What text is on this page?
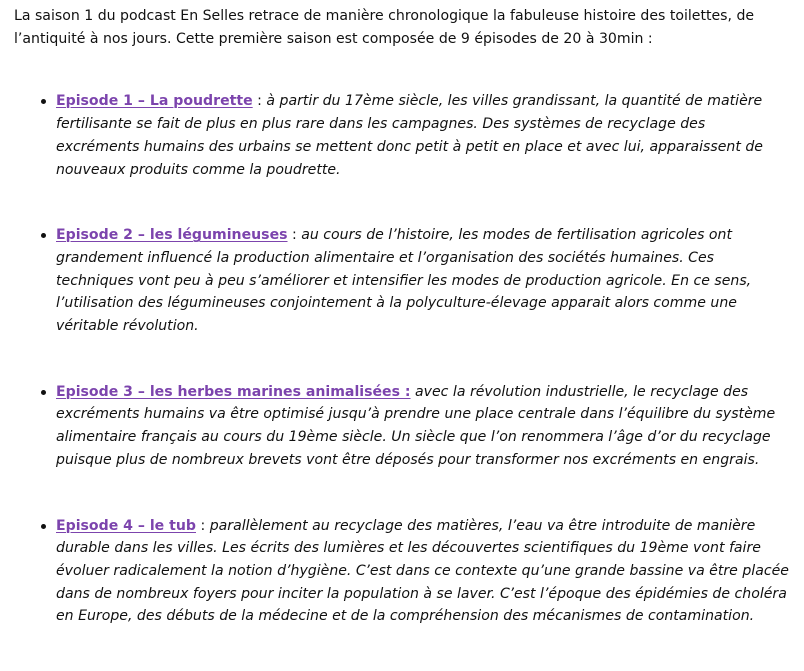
La saison 1 du podcast En Selles retrace de manière chronologique la fabuleuse histoire des toilettes, de l’antiquité à nos jours. Cette première saison est composée de 9 épisodes de 20 à 30min :

Episode 1 – La poudrette : à partir du 17ème siècle, les villes grandissant, la quantité de matière fertilisante se fait de plus en plus rare dans les campagnes. Des systèmes de recyclage des excréments humains des urbains se mettent donc petit à petit en place et avec lui, apparaissent de nouveaux produits comme la poudrette.
Episode 2 – les légumineuses : au cours de l’histoire, les modes de fertilisation agricoles ont grandement influencé la production alimentaire et l’organisation des sociétés humaines. Ces techniques vont peu à peu s’améliorer et intensifier les modes de production agricole. En ce sens, l’utilisation des légumineuses conjointement à la polyculture-élevage apparait alors comme une véritable révolution.
Episode 3 – les herbes marines animalisées : avec la révolution industrielle, le recyclage des excréments humains va être optimisé jusqu’à prendre une place centrale dans l’équilibre du système alimentaire français au cours du 19ème siècle. Un siècle que l’on renommera l’âge d’or du recyclage puisque plus de nombreux brevets vont être déposés pour transformer nos excréments en engrais.
Episode 4 – le tub : parallèlement au recyclage des matières, l’eau va être introduite de manière durable dans les villes. Les écrits des lumières et les découvertes scientifiques du 19ème vont faire évoluer radicalement la notion d’hygiène. C’est dans ce contexte qu’une grande bassine va être placée dans de nombreux foyers pour inciter la population à se laver. C’est l’époque des épidémies de choléra en Europe, des débuts de la médecine et de la compréhension des mécanismes de contamination.
